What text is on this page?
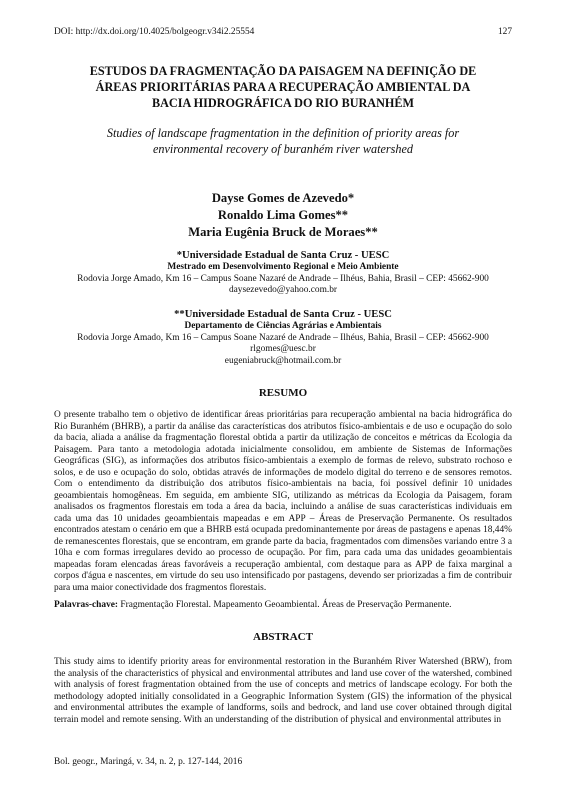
DOI: http://dx.doi.org/10.4025/bolgeogr.v34i2.25554	127
ESTUDOS DA FRAGMENTAÇÃO DA PAISAGEM NA DEFINIÇÃO DE
ÁREAS PRIORITÁRIAS PARA A RECUPERAÇÃO AMBIENTAL DA
BACIA HIDROGRÁFICA DO RIO BURANHÉM
Studies of landscape fragmentation in the definition of priority areas for
environmental recovery of buranhém river watershed
Dayse Gomes de Azevedo*
Ronaldo Lima Gomes**
Maria Eugênia Bruck de Moraes**
*Universidade Estadual de Santa Cruz - UESC
Mestrado em Desenvolvimento Regional e Meio Ambiente
Rodovia Jorge Amado, Km 16 – Campus Soane Nazaré de Andrade – Ilhéus, Bahia, Brasil – CEP: 45662-900
daysezevedo@yahoo.com.br
**Universidade Estadual de Santa Cruz - UESC
Departamento de Ciências Agrárias e Ambientais
Rodovia Jorge Amado, Km 16 – Campus Soane Nazaré de Andrade – Ilhéus, Bahia, Brasil – CEP: 45662-900
rlgomes@uesc.br
eugeniabruck@hotmail.com.br
RESUMO
O presente trabalho tem o objetivo de identificar áreas prioritárias para recuperação ambiental na bacia hidrográfica do Rio Buranhém (BHRB), a partir da análise das características dos atributos físico-ambientais e de uso e ocupação do solo da bacia, aliada a análise da fragmentação florestal obtida a partir da utilização de conceitos e métricas da Ecologia da Paisagem. Para tanto a metodologia adotada inicialmente consolidou, em ambiente de Sistemas de Informações Geográficas (SIG), as informações dos atributos físico-ambientais a exemplo de formas de relevo, substrato rochoso e solos, e de uso e ocupação do solo, obtidas através de informações de modelo digital do terreno e de sensores remotos. Com o entendimento da distribuição dos atributos físico-ambientais na bacia, foi possível definir 10 unidades geoambientais homogêneas. Em seguida, em ambiente SIG, utilizando as métricas da Ecologia da Paisagem, foram analisados os fragmentos florestais em toda a área da bacia, incluindo a análise de suas características individuais em cada uma das 10 unidades geoambientais mapeadas e em APP – Áreas de Preservação Permanente. Os resultados encontrados atestam o cenário em que a BHRB está ocupada predominantemente por áreas de pastagens e apenas 18,44% de remanescentes florestais, que se encontram, em grande parte da bacia, fragmentados com dimensões variando entre 3 a 10ha e com formas irregulares devido ao processo de ocupação. Por fim, para cada uma das unidades geoambientais mapeadas foram elencadas áreas favoráveis a recuperação ambiental, com destaque para as APP de faixa marginal a corpos d'água e nascentes, em virtude do seu uso intensificado por pastagens, devendo ser priorizadas a fim de contribuir para uma maior conectividade dos fragmentos florestais.
Palavras-chave: Fragmentação Florestal. Mapeamento Geoambiental. Áreas de Preservação Permanente.
ABSTRACT
This study aims to identify priority areas for environmental restoration in the Buranhém River Watershed (BRW), from the analysis of the characteristics of physical and environmental attributes and land use cover of the watershed, combined with analysis of forest fragmentation obtained from the use of concepts and metrics of landscape ecology. For both the methodology adopted initially consolidated in a Geographic Information System (GIS) the information of the physical and environmental attributes the example of landforms, soils and bedrock, and land use cover obtained through digital terrain model and remote sensing. With an understanding of the distribution of physical and environmental attributes in
Bol. geogr., Maringá, v. 34, n. 2, p. 127-144, 2016
